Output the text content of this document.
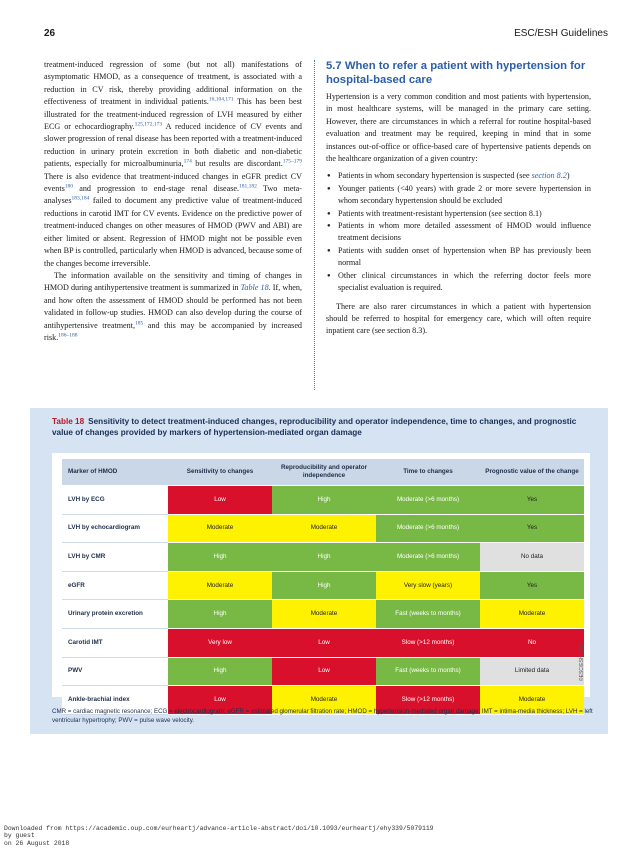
26	ESC/ESH Guidelines

treatment-induced regression of some (but not all) manifestations of asymptomatic HMOD, as a consequence of treatment, is associated with a reduction in CV risk, thereby providing additional information on the effectiveness of treatment in individual patients.$^{16,104,171}$ This has been best illustrated for the treatment-induced regression of LVH measured by either ECG or echocardiography.$^{125,172,173}$ A reduced incidence of CV events and slower progression of renal disease has been reported with a treatment-induced reduction in urinary protein excretion in both diabetic and non-diabetic patients, especially for microalbuminuria,$^{174}$ but results are discordant.$^{175-179}$ There is also evidence that treatment-induced changes in eGFR predict CV events$^{180}$ and progression to end-stage renal disease.$^{181,182}$ Two meta-analyses$^{183,184}$ failed to document any predictive value of treatment-induced reductions in carotid IMT for CV events. Evidence on the predictive power of treatment-induced changes on other measures of HMOD (PWV and ABI) are either limited or absent. Regression of HMOD might not be possible even when BP is controlled, particularly when HMOD is advanced, because some of the changes become irreversible.

The information available on the sensitivity and timing of changes in HMOD during antihypertensive treatment is summarized in Table 18. If, when, and how often the assessment of HMOD should be performed has not been validated in follow-up studies. HMOD can also develop during the course of antihypertensive treatment,$^{185}$ and this may be accompanied by increased risk.$^{186-188}$

5.7 When to refer a patient with hypertension for hospital-based care

Hypertension is a very common condition and most patients with hypertension, in most healthcare systems, will be managed in the primary care setting. However, there are circumstances in which a referral for routine hospital-based evaluation and treatment may be required, keeping in mind that in some instances out-of-office or office-based care of hypertensive patients depends on the healthcare organization of a given country:

● Patients in whom secondary hypertension is suspected (see section 8.2)
● Younger patients (<40 years) with grade 2 or more severe hypertension in whom secondary hypertension should be excluded
● Patients with treatment-resistant hypertension (see section 8.1)
● Patients in whom more detailed assessment of HMOD would influence treatment decisions
● Patients with sudden onset of hypertension when BP has previously been normal
● Other clinical circumstances in which the referring doctor feels more specialist evaluation is required.

There are also rarer circumstances in which a patient with hypertension should be referred to hospital for emergency care, which will often require inpatient care (see section 8.3).

Table 18 Sensitivity to detect treatment-induced changes, reproducibility and operator independence, time to changes, and prognostic value of changes provided by markers of hypertension-mediated organ damage
Marker of HMOD	Sensitivity to changes	Reproducibility and operator independence	Time to changes	Prognostic value of the change
LVH by ECG	Low	High	Moderate (>6 months)	Yes
LVH by echocardiogram	Moderate	Moderate	Moderate (>6 months)	Yes
LVH by CMR	High	High	Moderate (>6 months)	No data
eGFR	Moderate	High	Very slow (years)	Yes
Urinary protein excretion	High	Moderate	Fast (weeks to months)	Moderate
Carotid IMT	Very low	Low	Slow (>12 months)	No
PWV	High	Low	Fast (weeks to months)	Limited data
Ankle-brachial index	Low	Moderate	Slow (>12 months)	Moderate
©ESC/ESH 2018
CMR = cardiac magnetic resonance; ECG = electrocardiogram; eGFR = estimated glomerular filtration rate; HMOD = hypertension-mediated organ damage; IMT = intima-media thickness; LVH = left ventricular hypertrophy; PWV = pulse wave velocity.
Downloaded from https://academic.oup.com/eurheartj/advance-article-abstract/doi/10.1093/eurheartj/ehy339/5079119
by guest
on 26 August 2018
